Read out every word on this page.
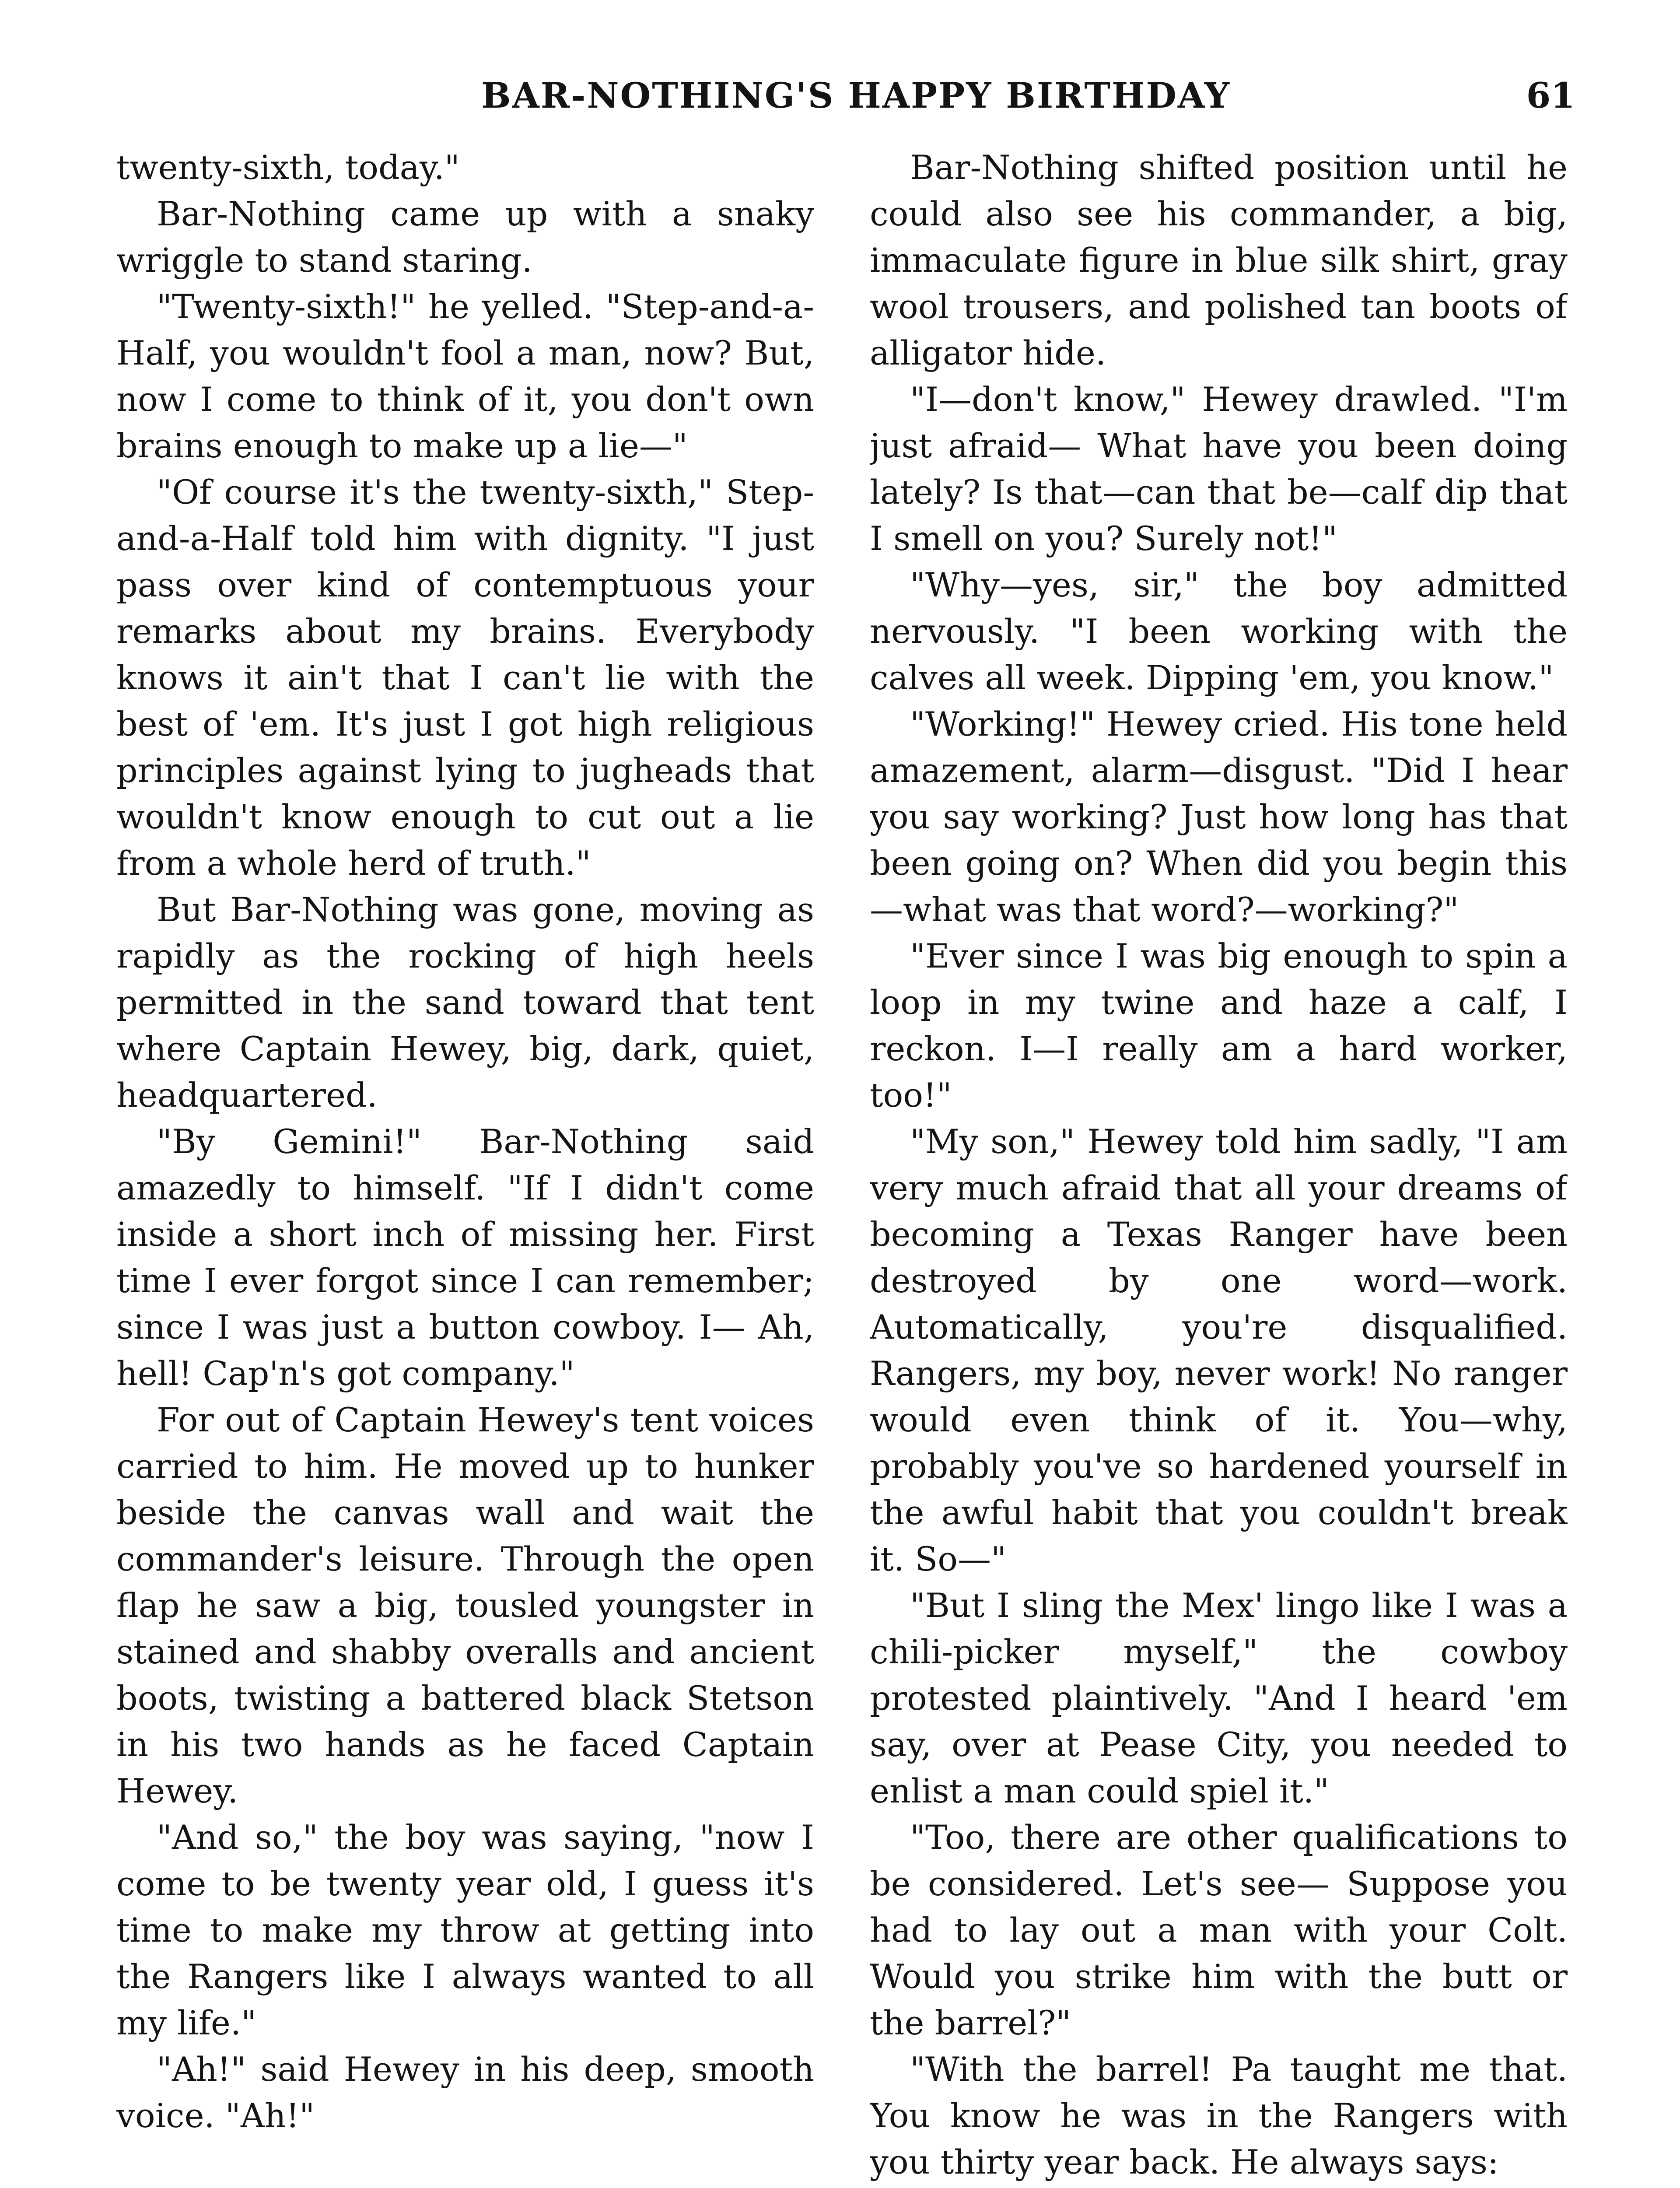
BAR-NOTHING'S HAPPY BIRTHDAY	61

twenty-sixth, today."

Bar-Nothing came up with a snaky wriggle to stand staring.

"Twenty-sixth!" he yelled. "Step-and-a-Half, you wouldn't fool a man, now? But, now I come to think of it, you don't own brains enough to make up a lie—"

"Of course it's the twenty-sixth," Step-and-a-Half told him with dignity. "I just pass over kind of contemptuous your remarks about my brains. Everybody knows it ain't that I can't lie with the best of 'em. It's just I got high religious principles against lying to jugheads that wouldn't know enough to cut out a lie from a whole herd of truth."

But Bar-Nothing was gone, moving as rapidly as the rocking of high heels permitted in the sand toward that tent where Captain Hewey, big, dark, quiet, headquartered.

"By Gemini!" Bar-Nothing said amazedly to himself. "If I didn't come inside a short inch of missing her. First time I ever forgot since I can remember; since I was just a button cowboy. I— Ah, hell! Cap'n's got company."

For out of Captain Hewey's tent voices carried to him. He moved up to hunker beside the canvas wall and wait the commander's leisure. Through the open flap he saw a big, tousled youngster in stained and shabby overalls and ancient boots, twisting a battered black Stetson in his two hands as he faced Captain Hewey.

"And so," the boy was saying, "now I come to be twenty year old, I guess it's time to make my throw at getting into the Rangers like I always wanted to all my life."

"Ah!" said Hewey in his deep, smooth voice. "Ah!"

Bar-Nothing shifted position until he could also see his commander, a big, immaculate figure in blue silk shirt, gray wool trousers, and polished tan boots of alligator hide.

"I—don't know," Hewey drawled. "I'm just afraid— What have you been doing lately? Is that—can that be—calf dip that I smell on you? Surely not!"

"Why—yes, sir," the boy admitted nervously. "I been working with the calves all week. Dipping 'em, you know."

"Working!" Hewey cried. His tone held amazement, alarm—disgust. "Did I hear you say working? Just how long has that been going on? When did you begin this—what was that word?—working?"

"Ever since I was big enough to spin a loop in my twine and haze a calf, I reckon. I—I really am a hard worker, too!"

"My son," Hewey told him sadly, "I am very much afraid that all your dreams of becoming a Texas Ranger have been destroyed by one word—work. Automatically, you're disqualified. Rangers, my boy, never work! No ranger would even think of it. You—why, probably you've so hardened yourself in the awful habit that you couldn't break it. So—"

"But I sling the Mex' lingo like I was a chili-picker myself," the cowboy protested plaintively. "And I heard 'em say, over at Pease City, you needed to enlist a man could spiel it."

"Too, there are other qualifications to be considered. Let's see— Suppose you had to lay out a man with your Colt. Would you strike him with the butt or the barrel?"

"With the barrel! Pa taught me that. You know he was in the Rangers with you thirty year back. He always says:
